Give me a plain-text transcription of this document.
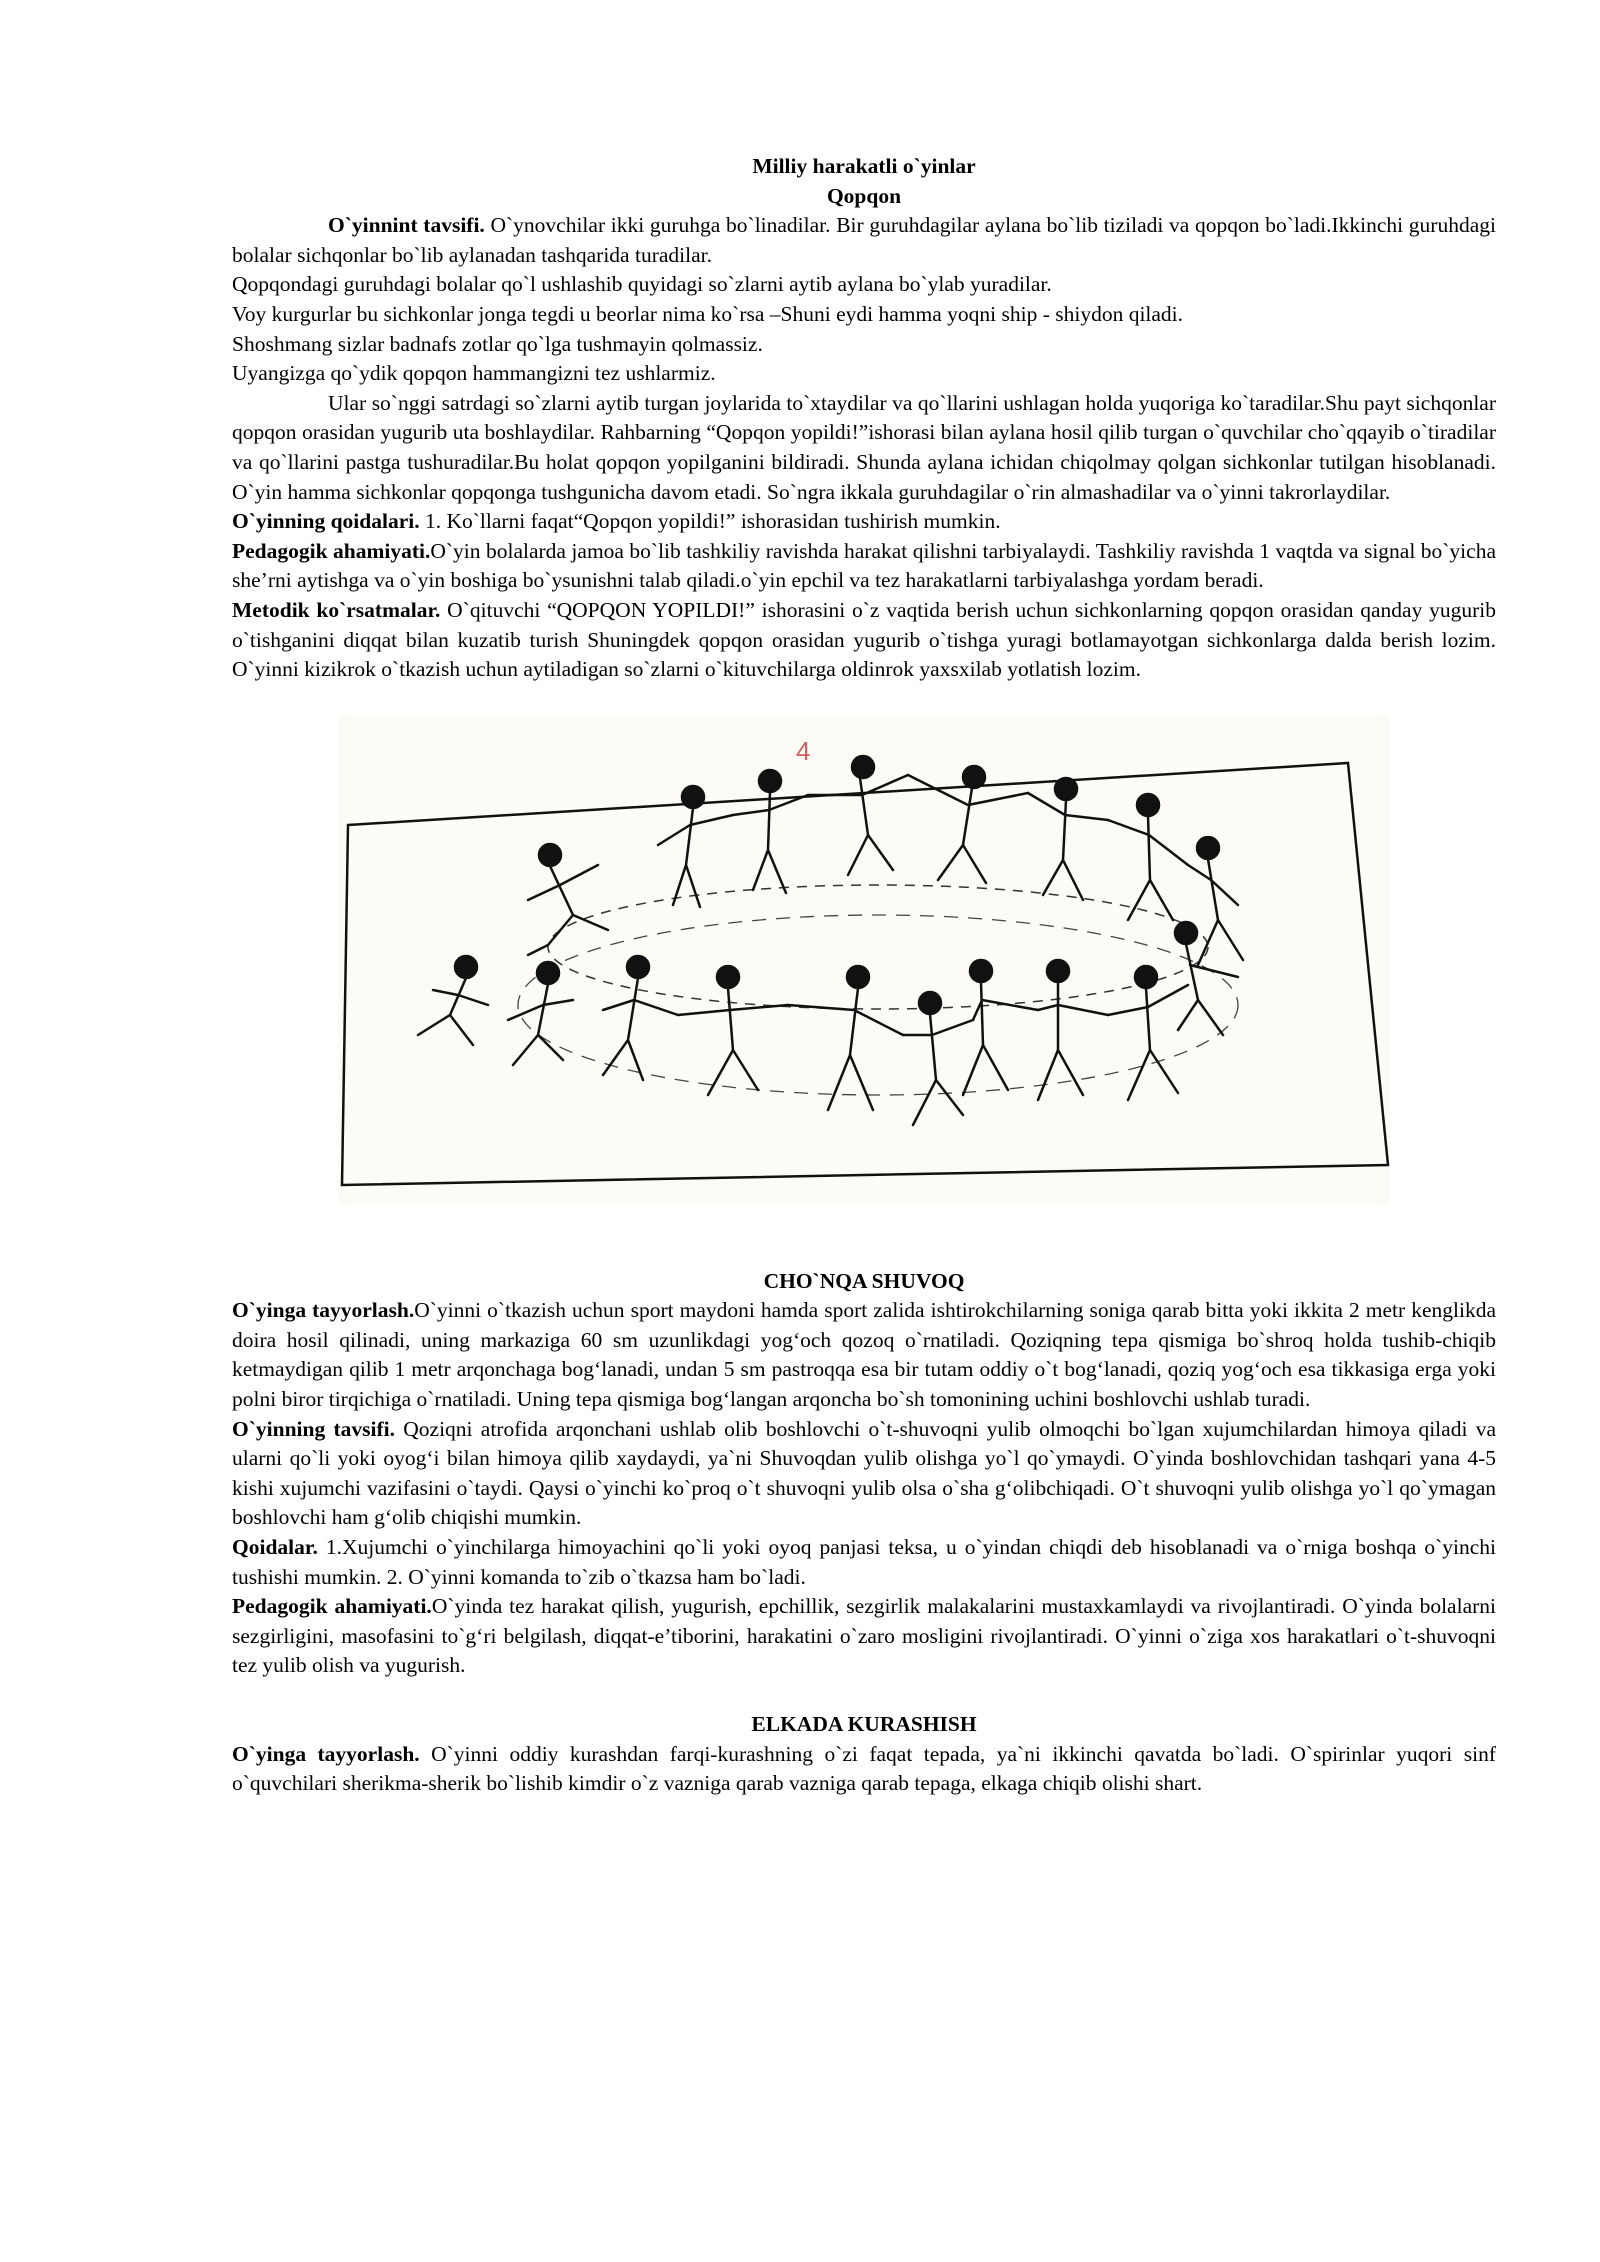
Milliy harakatli o`yinlar
Qopqon

O`yinnint tavsifi. O`ynovchilar ikki guruhga bo`linadilar. Bir guruhdagilar aylana bo`lib tiziladi va qopqon bo`ladi.Ikkinchi guruhdagi bolalar sichqonlar bo`lib aylanadan tashqarida turadilar.

Qopqondagi guruhdagi bolalar qo`l ushlashib quyidagi so`zlarni aytib aylana bo`ylab yuradilar.

Voy kurgurlar bu sichkonlar jonga tegdi u beorlar nima ko`rsa –Shuni eydi hamma yoqni ship - shiydon qiladi.

Shoshmang sizlar badnafs zotlar qo`lga tushmayin qolmassiz.

Uyangizga qo`ydik qopqon hammangizni tez ushlarmiz.

Ular so`nggi satrdagi so`zlarni aytib turgan joylarida to`xtaydilar va qo`llarini ushlagan holda yuqoriga ko`taradilar.Shu payt sichqonlar qopqon orasidan yugurib uta boshlaydilar. Rahbarning “Qopqon yopildi!”ishorasi bilan aylana hosil qilib turgan o`quvchilar cho`qqayib o`tiradilar va qo`llarini pastga tushuradilar.Bu holat qopqon yopilganini bildiradi. Shunda aylana ichidan chiqolmay qolgan sichkonlar tutilgan hisoblanadi. O`yin hamma sichkonlar qopqonga tushgunicha davom etadi. So`ngra ikkala guruhdagilar o`rin almashadilar va o`yinni takrorlaydilar.

O`yinning qoidalari. 1. Ko`llarni faqat“Qopqon yopildi!” ishorasidan tushirish mumkin.

Pedagogik ahamiyati.O`yin bolalarda jamoa bo`lib tashkiliy ravishda harakat qilishni tarbiyalaydi. Tashkiliy ravishda 1 vaqtda va signal bo`yicha she’rni aytishga va o`yin boshiga bo`ysunishni talab qiladi.o`yin epchil va tez harakatlarni tarbiyalashga yordam beradi.

Metodik ko`rsatmalar. O`qituvchi “QOPQON YOPILDI!” ishorasini o`z vaqtida berish uchun sichkonlarning qopqon orasidan qanday yugurib o`tishganini diqqat bilan kuzatib turish Shuningdek qopqon orasidan yugurib o`tishga yuragi botlamayotgan sichkonlarga dalda berish lozim. O`yinni kizikrok o`tkazish uchun aytiladigan so`zlarni o`kituvchilarga oldinrok yaxsxilab yotlatish lozim.

4
CHO`NQA SHUVOQ

O`yinga tayyorlash.O`yinni o`tkazish uchun sport maydoni hamda sport zalida ishtirokchilarning soniga qarab bitta yoki ikkita 2 metr kenglikda doira hosil qilinadi, uning markaziga 60 sm uzunlikdagi yog‘och qozoq o`rnatiladi. Qoziqning tepa qismiga bo`shroq holda tushib-chiqib ketmaydigan qilib 1 metr arqonchaga bog‘lanadi, undan 5 sm pastroqqa esa bir tutam oddiy o`t bog‘lanadi, qoziq yog‘och esa tikkasiga erga yoki polni biror tirqichiga o`rnatiladi. Uning tepa qismiga bog‘langan arqoncha bo`sh tomonining uchini boshlovchi ushlab turadi.

O`yinning tavsifi. Qoziqni atrofida arqonchani ushlab olib boshlovchi o`t-shuvoqni yulib olmoqchi bo`lgan xujumchilardan himoya qiladi va ularni qo`li yoki oyog‘i bilan himoya qilib xaydaydi, ya`ni Shuvoqdan yulib olishga yo`l qo`ymaydi. O`yinda boshlovchidan tashqari yana 4-5 kishi xujumchi vazifasini o`taydi. Qaysi o`yinchi ko`proq o`t shuvoqni yulib olsa o`sha g‘olibchiqadi. O`t shuvoqni yulib olishga yo`l qo`ymagan boshlovchi ham g‘olib chiqishi mumkin.

Qoidalar. 1.Xujumchi o`yinchilarga himoyachini qo`li yoki oyoq panjasi teksa, u o`yindan chiqdi deb hisoblanadi va o`rniga boshqa o`yinchi tushishi mumkin. 2. O`yinni komanda to`zib o`tkazsa ham bo`ladi.

Pedagogik ahamiyati.O`yinda tez harakat qilish, yugurish, epchillik, sezgirlik malakalarini mustaxkamlaydi va rivojlantiradi. O`yinda bolalarni sezgirligini, masofasini to`g‘ri belgilash, diqqat-e’tiborini, harakatini o`zaro mosligini rivojlantiradi. O`yinni o`ziga xos harakatlari o`t-shuvoqni tez yulib olish va yugurish.

ELKADA KURASHISH

O`yinga tayyorlash. O`yinni oddiy kurashdan farqi-kurashning o`zi faqat tepada, ya`ni ikkinchi qavatda bo`ladi. O`spirinlar yuqori sinf o`quvchilari sherikma-sherik bo`lishib kimdir o`z vazniga qarab vazniga qarab tepaga, elkaga chiqib olishi shart.
